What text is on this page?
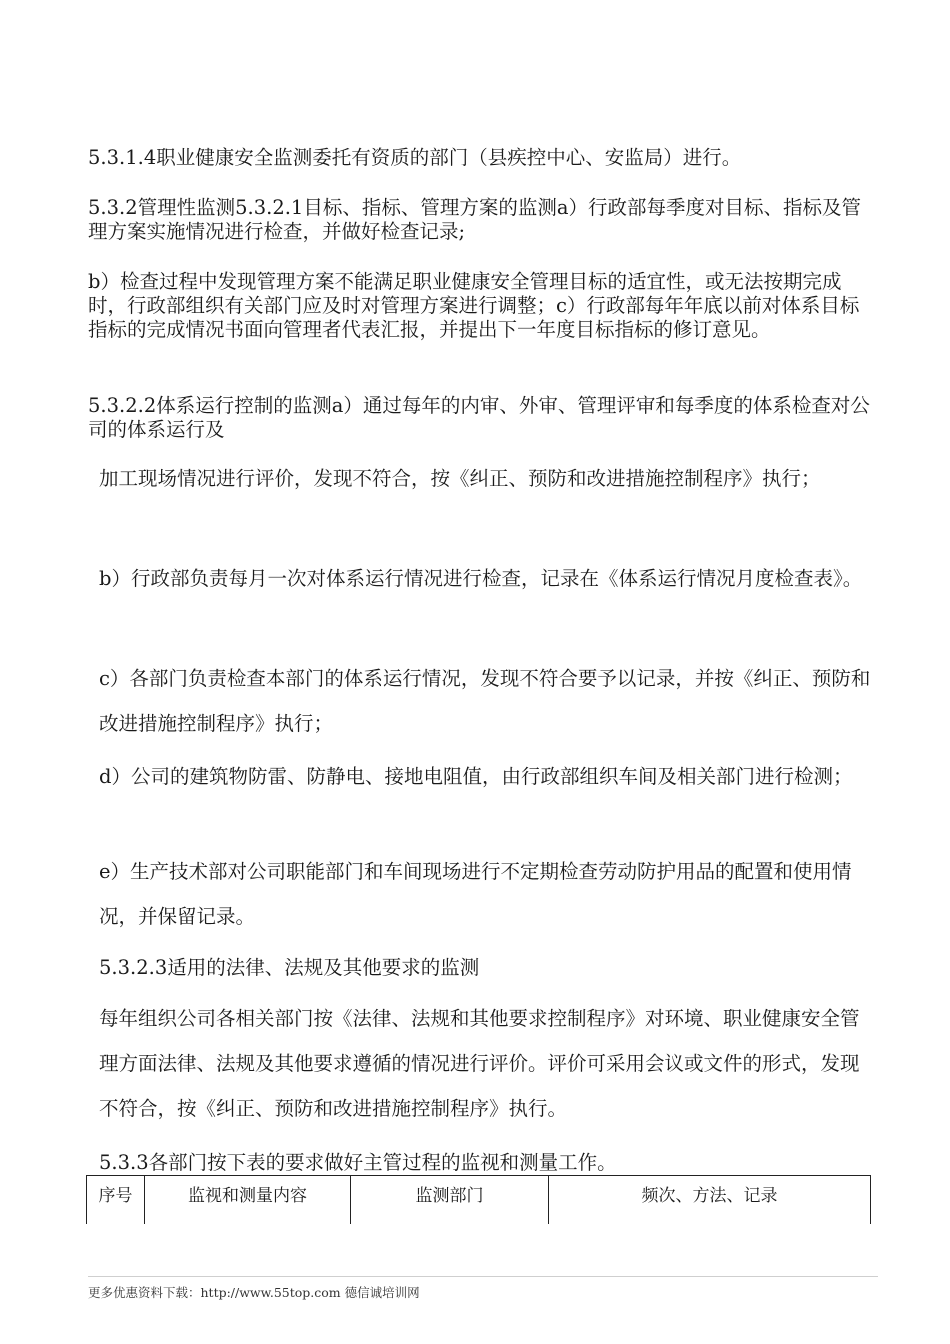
5.3.1.4职业健康安全监测委托有资质的部门（县疾控中心、安监局）进行。

5.3.2管理性监测5.3.2.1目标、指标、管理方案的监测a）行政部每季度对目标、指标及管理方案实施情况进行检查，并做好检查记录;

b）检查过程中发现管理方案不能满足职业健康安全管理目标的适宜性，或无法按期完成时，行政部组织有关部门应及时对管理方案进行调整；c）行政部每年年底以前对体系目标指标的完成情况书面向管理者代表汇报，并提出下一年度目标指标的修订意见。

5.3.2.2体系运行控制的监测a）通过每年的内审、外审、管理评审和每季度的体系检查对公司的体系运行及

加工现场情况进行评价，发现不符合，按《纠正、预防和改进措施控制程序》执行；

b）行政部负责每月一次对体系运行情况进行检查，记录在《体系运行情况月度检查表》。

c）各部门负责检查本部门的体系运行情况，发现不符合要予以记录，并按《纠正、预防和改进措施控制程序》执行；

d）公司的建筑物防雷、防静电、接地电阻值，由行政部组织车间及相关部门进行检测；

e）生产技术部对公司职能部门和车间现场进行不定期检查劳动防护用品的配置和使用情况，并保留记录。

5.3.2.3适用的法律、法规及其他要求的监测

每年组织公司各相关部门按《法律、法规和其他要求控制程序》对环境、职业健康安全管理方面法律、法规及其他要求遵循的情况进行评价。评价可采用会议或文件的形式，发现不符合，按《纠正、预防和改进措施控制程序》执行。

5.3.3各部门按下表的要求做好主管过程的监视和测量工作。

序号	监视和测量内容	监测部门	频次、方法、记录

更多优惠资料下载：http://www.55top.com 德信诚培训网
